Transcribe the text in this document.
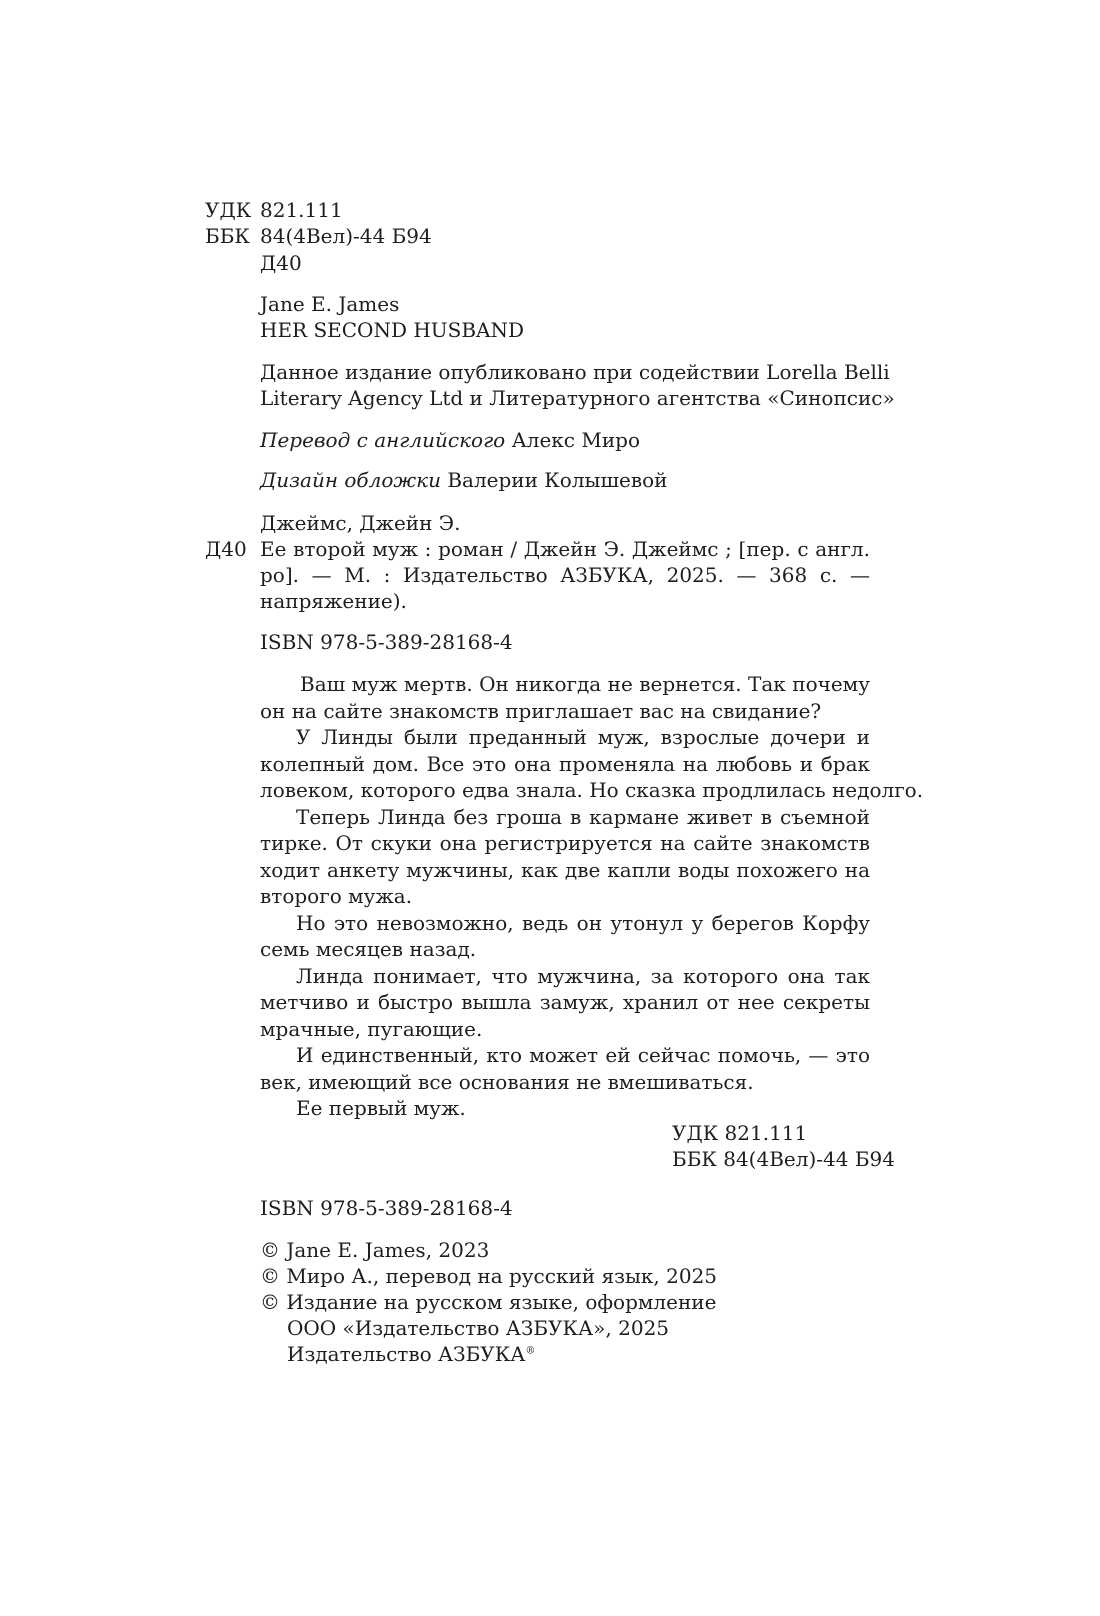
УДК 821.111
ББК 84(4Вел)-44 Б94
Д40
Jane E. James
HER SECOND HUSBAND
Данное издание опубликовано при содействии Lorella Belli
Literary Agency Ltd и Литературного агентства «Синопсис»
Перевод с английского Алекс Миро
Дизайн обложки Валерии Колышевой
Джеймс, Джейн Э.
Д40 Ее второй муж : роман / Джейн Э. Джеймс ; [пер. с англ.
ро]. — М. : Издательство АЗБУКА, 2025. — 368 с. —
напряжение).
ISBN 978-5-389-28168-4
Ваш муж мертв. Он никогда не вернется. Так почему
он на сайте знакомств приглашает вас на свидание?
У Линды были преданный муж, взрослые дочери и
колепный дом. Все это она променяла на любовь и брак
ловеком, которого едва знала. Но сказка продлилась недолго.
Теперь Линда без гроша в кармане живет в съемной
тирке. От скуки она регистрируется на сайте знакомств
ходит анкету мужчины, как две капли воды похожего на
второго мужа.
Но это невозможно, ведь он утонул у берегов Корфу
семь месяцев назад.
Линда понимает, что мужчина, за которого она так
метчиво и быстро вышла замуж, хранил от нее секреты
мрачные, пугающие.
И единственный, кто может ей сейчас помочь, — это
век, имеющий все основания не вмешиваться.
Ее первый муж.
УДК 821.111
ББК 84(4Вел)-44 Б94
ISBN 978-5-389-28168-4
© Jane E. James, 2023
© Миро А., перевод на русский язык, 2025
© Издание на русском языке, оформление
ООО «Издательство АЗБУКА», 2025
Издательство АЗБУКА®
